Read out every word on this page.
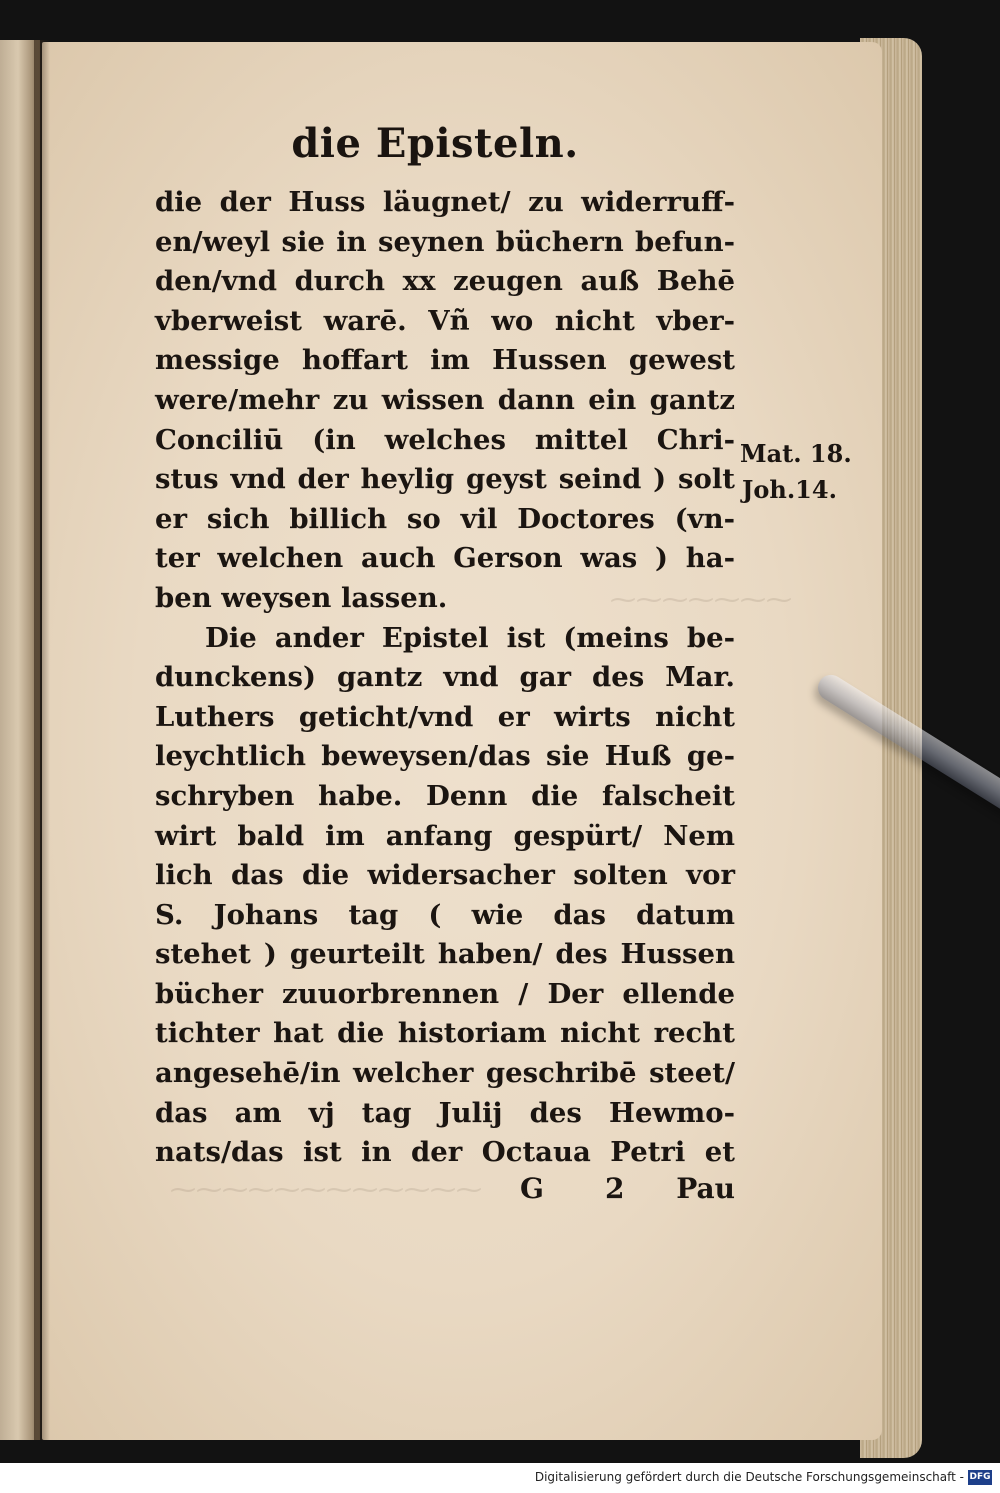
⁓⁓⁓⁓⁓⁓⁓
⁓⁓⁓⁓⁓⁓⁓⁓⁓⁓⁓⁓
die Episteln.
die der Huss läugnet/ zu widerruff-
en/weyl sie in seynen büchern befun-
den/vnd durch xx zeugen auß Behē
vberweist warē. Vñ wo nicht vber-
messige hoffart im Hussen gewest
were/mehr zu wissen dann ein gantz
Conciliū (in welches mittel Chri-
stus vnd der heylig geyst seind ) solt
er sich billich so vil Doctores (vn-
ter welchen auch Gerson was ) ha-
ben weysen lassen.
Die ander Epistel ist (meins be-
dunckens) gantz vnd gar des Mar.
Luthers geticht/vnd er wirts nicht
leychtlich beweysen/das sie Huß ge-
schryben habe. Denn die falscheit
wirt bald im anfang gespürt/ Nem
lich das die widersacher solten vor
S. Johans tag ( wie das datum
stehet ) geurteilt haben/ des Hussen
bücher zuuorbrennen / Der ellende
tichter hat die historiam nicht recht
angesehē/in welcher geschribē steet/
das am vj tag Julij des Hewmo-
nats/das ist in der Octaua Petri et
Mat. 18.
Joh.14.
G 2 Pau
Digitalisierung gefördert durch die Deutsche Forschungsgemeinschaft - DFG
